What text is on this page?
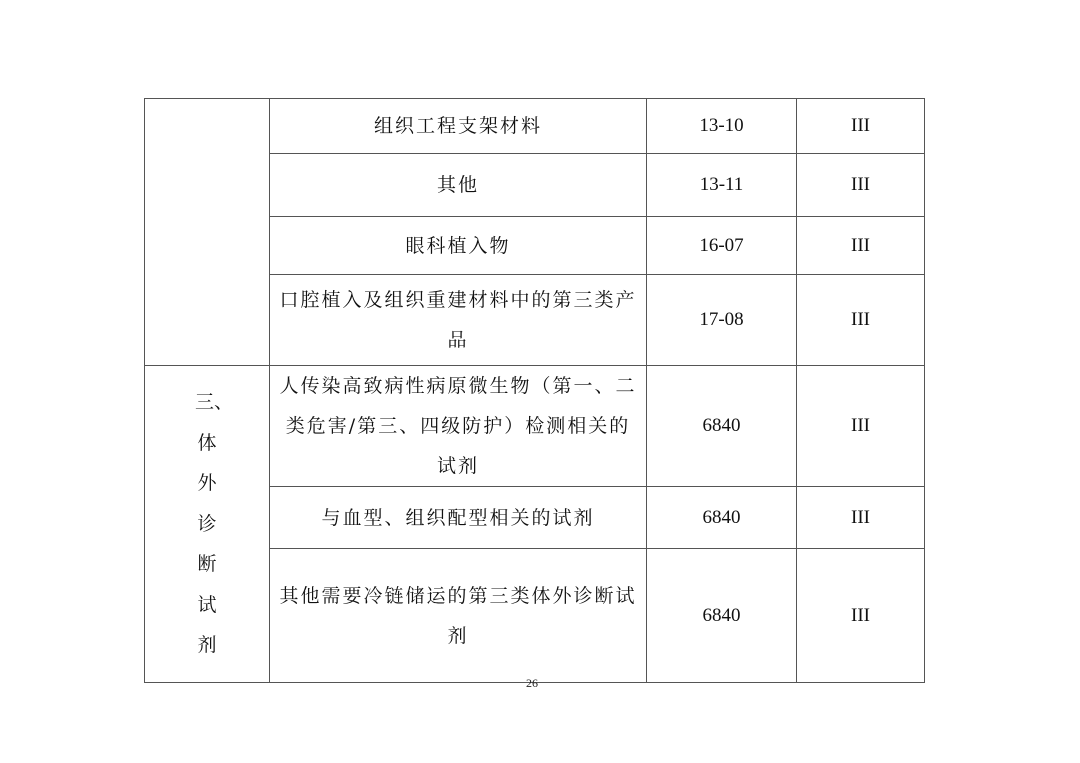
	组织工程支架材料	13-10	III
	其他	13-11	III
	眼科植入物	16-07	III
	口腔植入及组织重建材料中的第三类产品	17-08	III
三、体外诊断试剂	人传染高致病性病原微生物（第一、二类危害/第三、四级防护）检测相关的试剂	6840	III
	与血型、组织配型相关的试剂	6840	III
	其他需要冷链储运的第三类体外诊断试剂	6840	III
26
